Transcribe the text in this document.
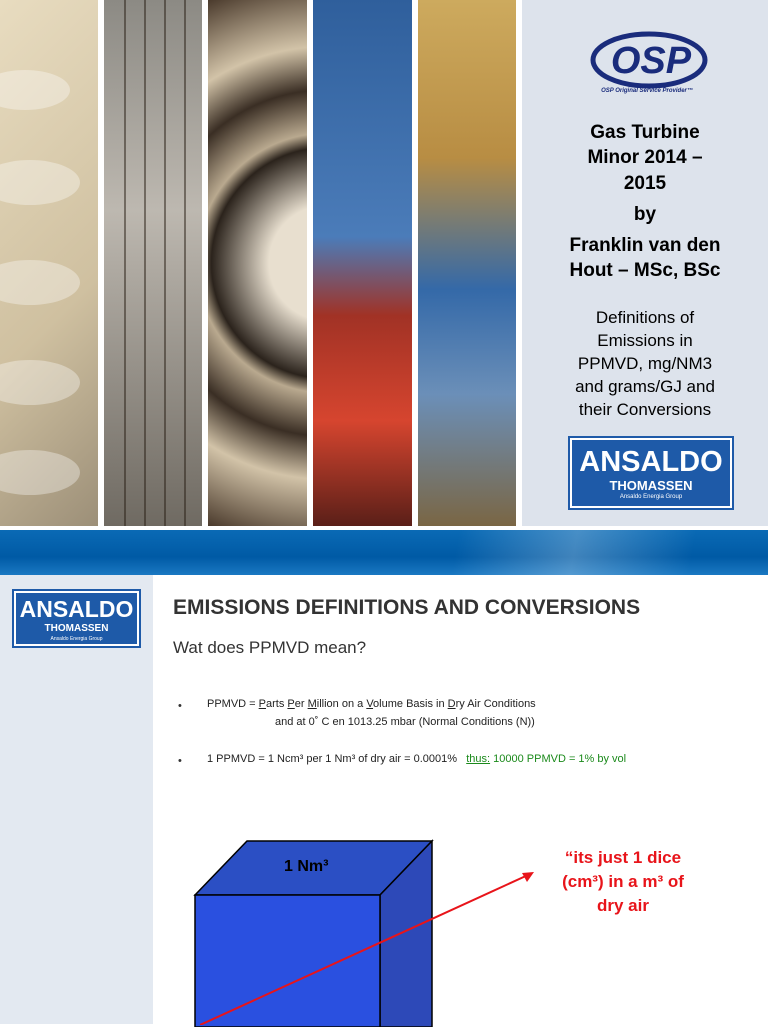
OSP
OSP Original Service Provider™
Gas Turbine
Minor 2014 –
2015
by
Franklin van den
Hout – MSc, BSc
Definitions of
Emissions in
PPMVD, mg/NM3
and grams/GJ and
their Conversions
ANSALDO
THOMASSEN
Ansaldo Energia Group
ANSALDO
THOMASSEN
Ansaldo Energia Group
EMISSIONS DEFINITIONS AND CONVERSIONS
Wat does PPMVD mean?
• PPMVD = Parts Per Million on a Volume Basis in Dry Air Conditions
and at 0˚ C en 1013.25 mbar (Normal Conditions (N))
• 1 PPMVD = 1 Ncm³ per 1 Nm³ of dry air = 0.0001% thus: 10000 PPMVD = 1% by vol
1 Nm³	“its just 1 dice
(cm³) in a m³ of
dry air
